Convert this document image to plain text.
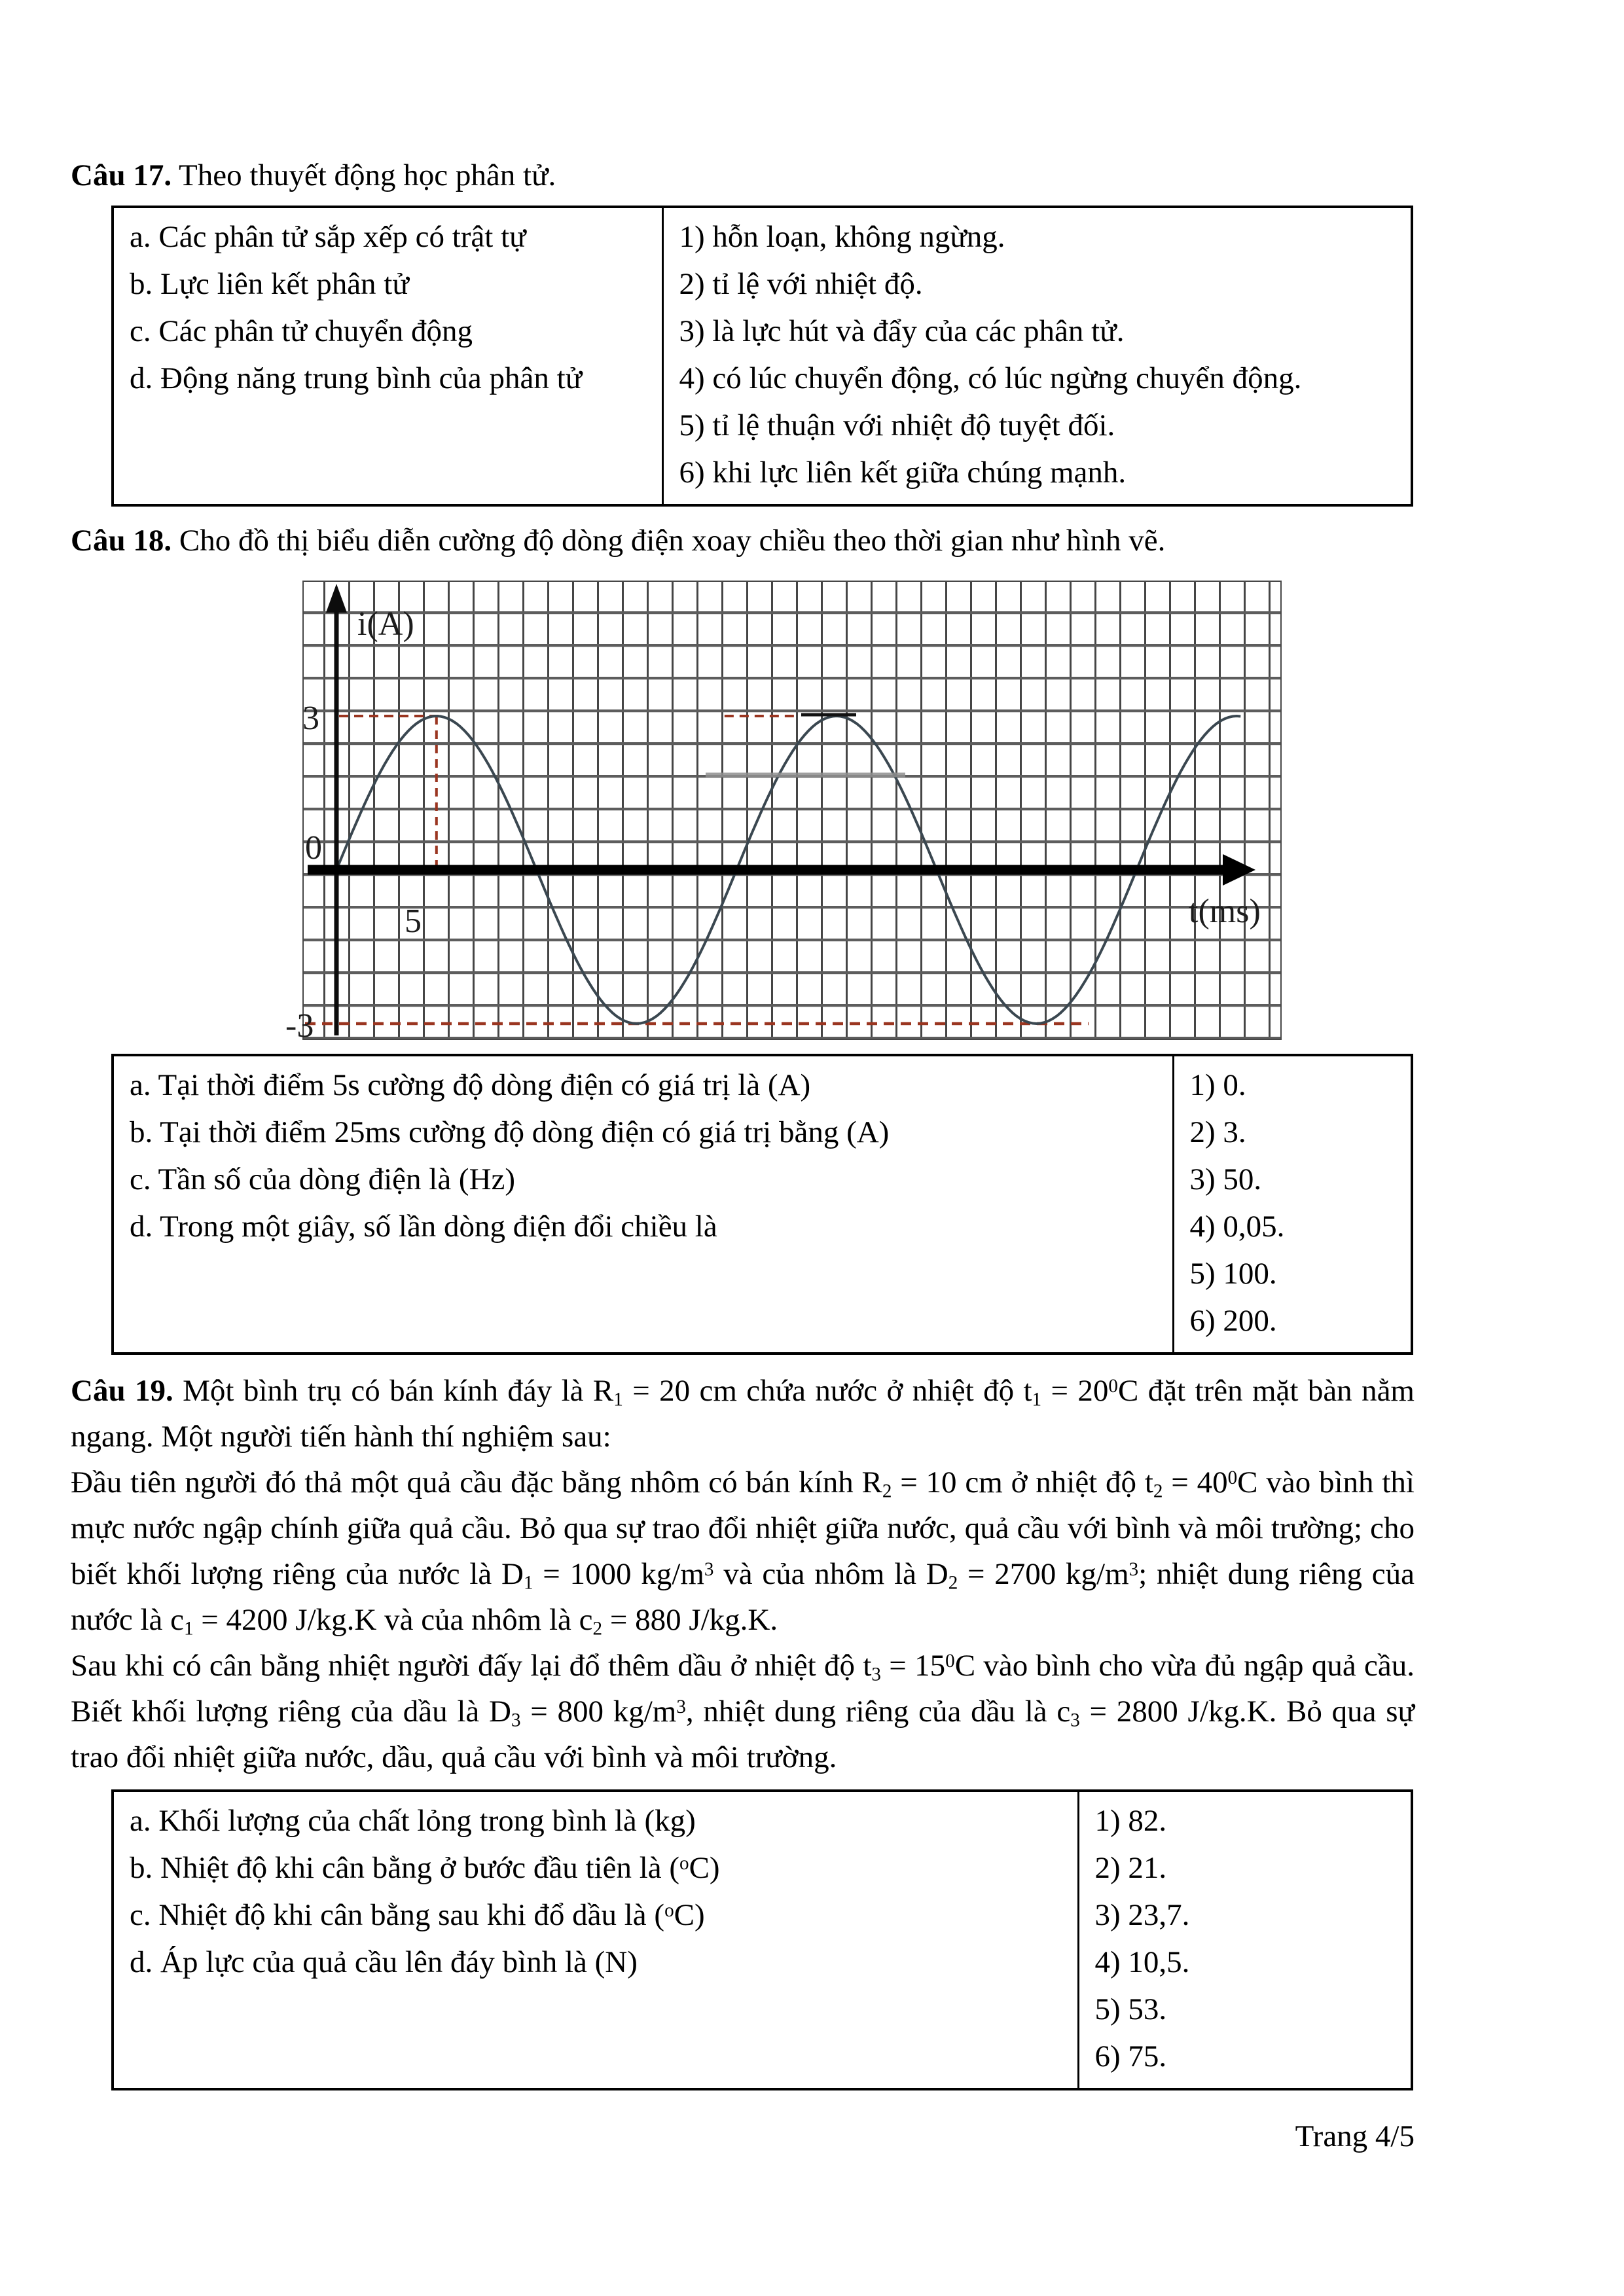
Câu 17. Theo thuyết động học phân tử.
a. Các phân tử sắp xếp có trật tự
b. Lực liên kết phân tử
c. Các phân tử chuyển động
d. Động năng trung bình của phân tử

1) hỗn loạn, không ngừng.
2) tỉ lệ với nhiệt độ.
3) là lực hút và đẩy của các phân tử.
4) có lúc chuyển động, có lúc ngừng chuyển động.
5) tỉ lệ thuận với nhiệt độ tuyệt đối.
6) khi lực liên kết giữa chúng mạnh.
Câu 18. Cho đồ thị biểu diễn cường độ dòng điện xoay chiều theo thời gian như hình vẽ.
i(A)
t(ms)
3
0
-3
5
a. Tại thời điểm 5s cường độ dòng điện có giá trị là (A)
b. Tại thời điểm 25ms cường độ dòng điện có giá trị bằng (A)
c. Tần số của dòng điện là (Hz)
d. Trong một giây, số lần dòng điện đổi chiều là

1) 0.
2) 3.
3) 50.
4) 0,05.
5) 100.
6) 200.

Câu 19. Một bình trụ có bán kính đáy là $R_1 = 20$ cm chứa nước ở nhiệt độ $t_1 = 20^0C$ đặt trên mặt bàn nằm ngang. Một người tiến hành thí nghiệm sau:

Đầu tiên người đó thả một quả cầu đặc bằng nhôm có bán kính $R_2 = 10$ cm ở nhiệt độ $t_2 = 40^0C$ vào bình thì mực nước ngập chính giữa quả cầu. Bỏ qua sự trao đổi nhiệt giữa nước, quả cầu với bình và môi trường; cho biết khối lượng riêng của nước là $D_1 = 1000$ $kg/m^3$ và của nhôm là $D_2 = 2700$ $kg/m^3$; nhiệt dung riêng của nước là $c_1 = 4200$ J/kg.K và của nhôm là $c_2 = 880$ J/kg.K.

Sau khi có cân bằng nhiệt người đấy lại đổ thêm dầu ở nhiệt độ $t_3 = 15^0C$ vào bình cho vừa đủ ngập quả cầu. Biết khối lượng riêng của dầu là $D_3 = 800$ $kg/m^3$, nhiệt dung riêng của dầu là $c_3 = 2800$ J/kg.K. Bỏ qua sự trao đổi nhiệt giữa nước, dầu, quả cầu với bình và môi trường.

a. Khối lượng của chất lỏng trong bình là (kg)
b. Nhiệt độ khi cân bằng ở bước đầu tiên là ($^o$C)
c. Nhiệt độ khi cân bằng sau khi đổ dầu là ($^o$C)
d. Áp lực của quả cầu lên đáy bình là (N)

1) 82.
2) 21.
3) 23,7.
4) 10,5.
5) 53.
6) 75.
Trang 4/5
